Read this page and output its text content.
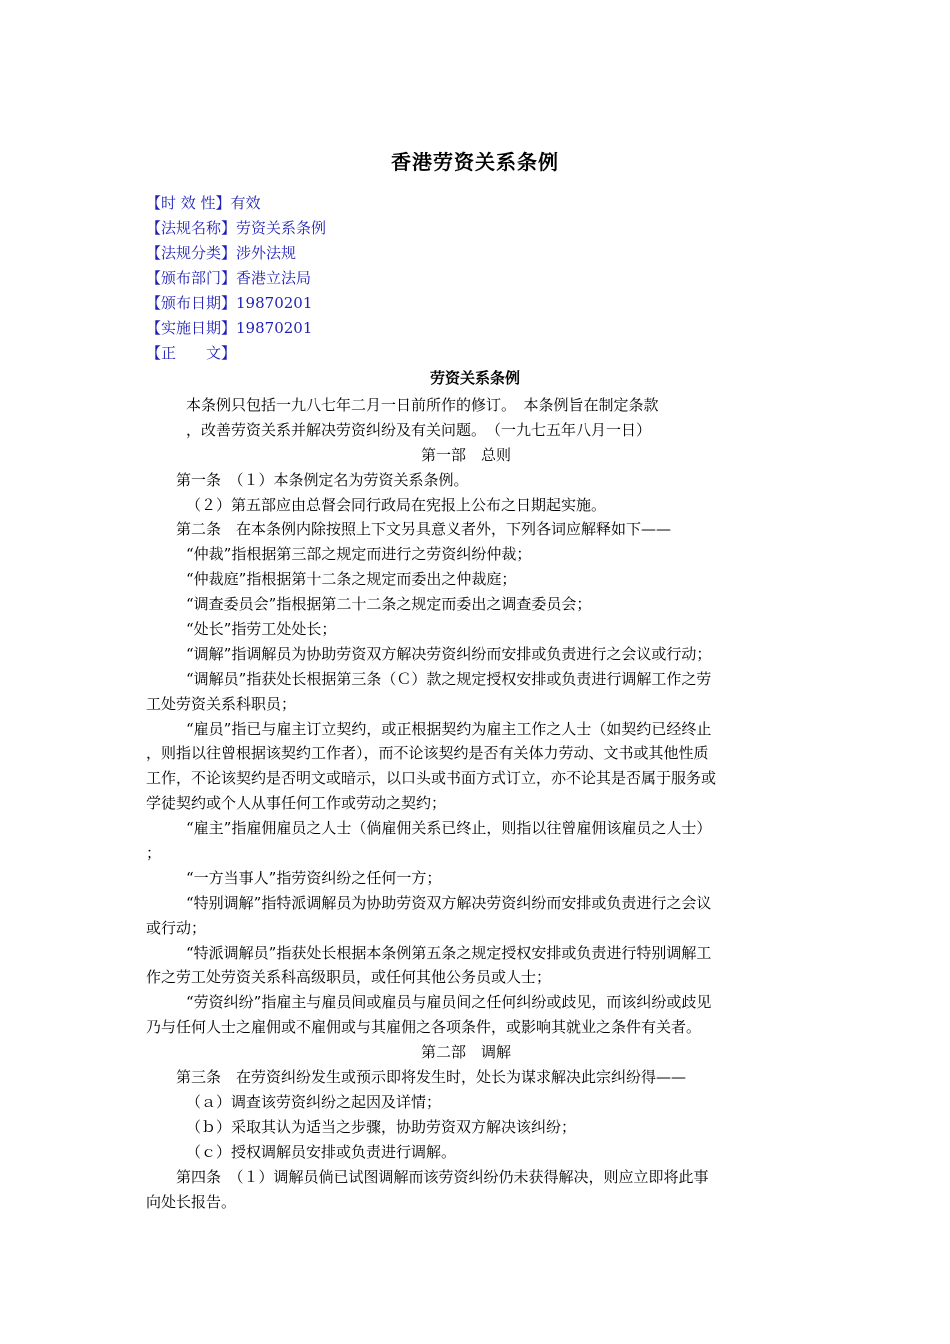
香港劳资关系条例
【时 效 性】有效
【法规名称】劳资关系条例
【法规分类】涉外法规
【颁布部门】香港立法局
【颁布日期】19870201
【实施日期】19870201
【正　　文】
劳资关系条例
本条例只包括一九八七年二月一日前所作的修订。　本条例旨在制定条款
，改善劳资关系并解决劳资纠纷及有关问题。　（一九七五年八月一日）
第一部　总则
第一条　（１）本条例定名为劳资关系条例。
（２）第五部应由总督会同行政局在宪报上公布之日期起实施。
第二条　在本条例内除按照上下文另具意义者外，下列各词应解释如下——
“仲裁”指根据第三部之规定而进行之劳资纠纷仲裁；
“仲裁庭”指根据第十二条之规定而委出之仲裁庭；
“调查委员会”指根据第二十二条之规定而委出之调查委员会；
“处长”指劳工处处长；
“调解”指调解员为协助劳资双方解决劳资纠纷而安排或负责进行之会议或行动；
“调解员”指获处长根据第三条（Ｃ）款之规定授权安排或负责进行调解工作之劳
工处劳资关系科职员；
“雇员”指已与雇主订立契约，或正根据契约为雇主工作之人士（如契约已经终止
，则指以往曾根据该契约工作者），而不论该契约是否有关体力劳动、文书或其他性质
工作，不论该契约是否明文或暗示，以口头或书面方式订立，亦不论其是否属于服务或
学徒契约或个人从事任何工作或劳动之契约；
“雇主”指雇佣雇员之人士（倘雇佣关系已终止，则指以往曾雇佣该雇员之人士）
；
“一方当事人”指劳资纠纷之任何一方；
“特别调解”指特派调解员为协助劳资双方解决劳资纠纷而安排或负责进行之会议
或行动；
“特派调解员”指获处长根据本条例第五条之规定授权安排或负责进行特别调解工
作之劳工处劳资关系科高级职员，或任何其他公务员或人士；
“劳资纠纷”指雇主与雇员间或雇员与雇员间之任何纠纷或歧见，而该纠纷或歧见
乃与任何人士之雇佣或不雇佣或与其雇佣之各项条件，或影响其就业之条件有关者。
第二部　调解
第三条　在劳资纠纷发生或预示即将发生时，处长为谋求解决此宗纠纷得——
（ａ）调查该劳资纠纷之起因及详情；
（ｂ）采取其认为适当之步骤，协助劳资双方解决该纠纷；
（ｃ）授权调解员安排或负责进行调解。
第四条　（１）调解员倘已试图调解而该劳资纠纷仍未获得解决，则应立即将此事
向处长报告。
